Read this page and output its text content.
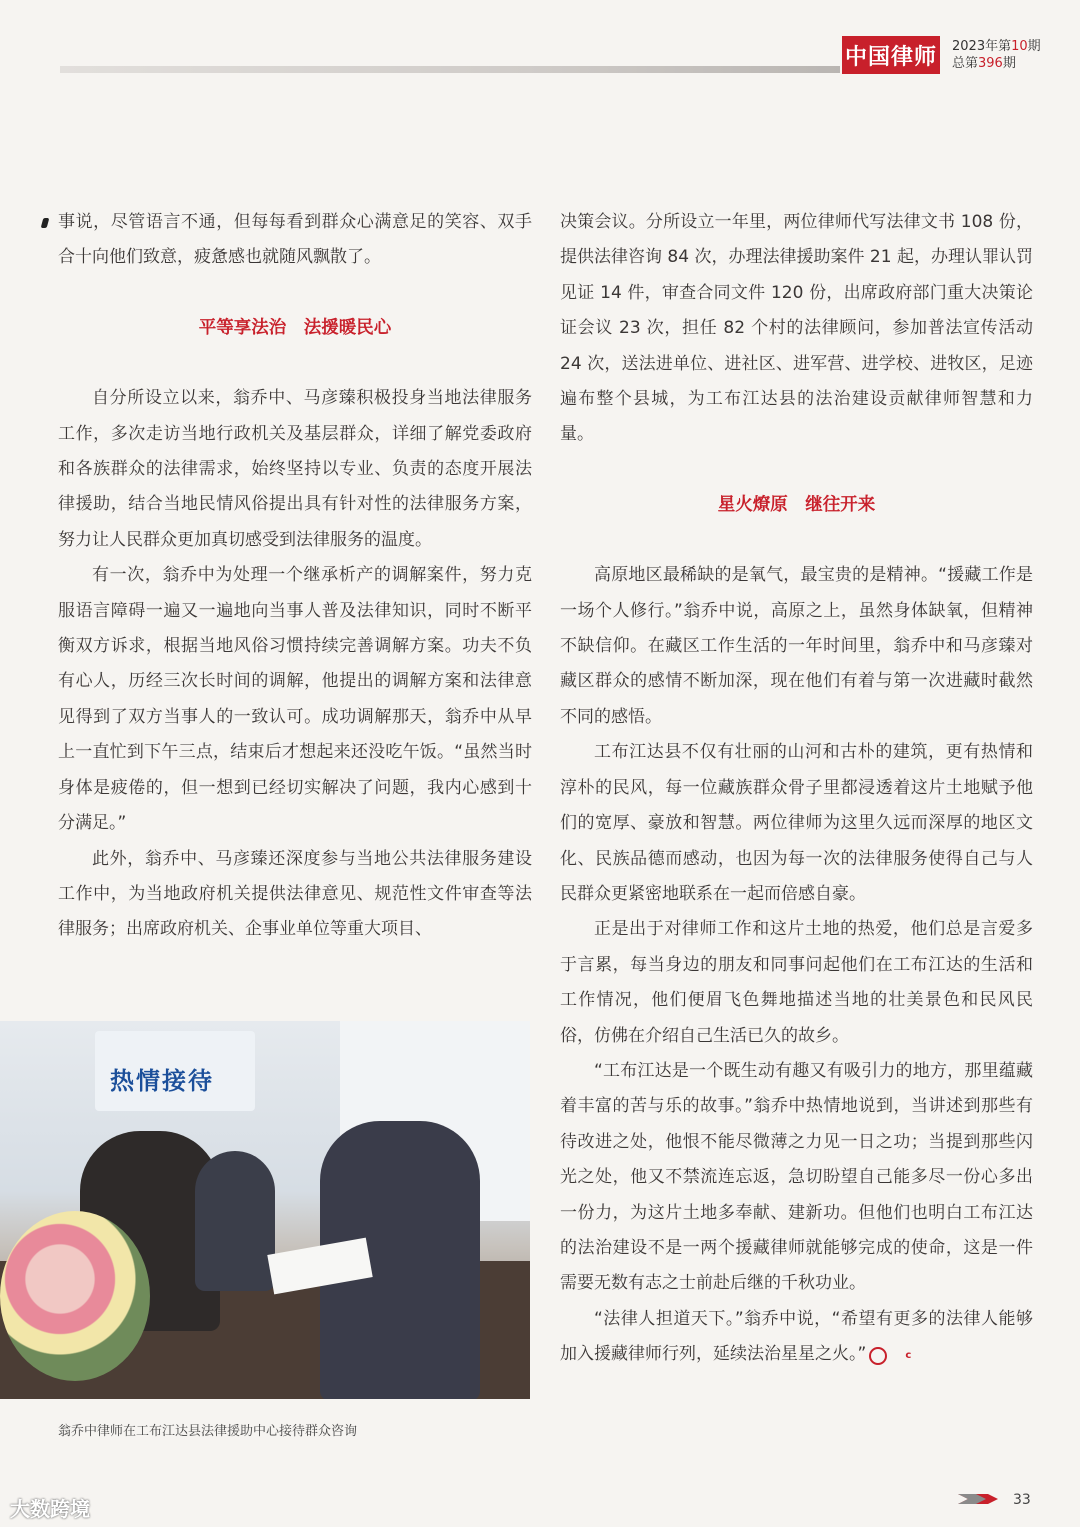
中国律师 2023年第10期
总第396期

事说，尽管语言不通，但每每看到群众心满意足的笑容、双手合十向他们致意，疲惫感也就随风飘散了。

平等享法治　法援暖民心

自分所设立以来，翁乔中、马彦臻积极投身当地法律服务工作，多次走访当地行政机关及基层群众，详细了解党委政府和各族群众的法律需求，始终坚持以专业、负责的态度开展法律援助，结合当地民情风俗提出具有针对性的法律服务方案，努力让人民群众更加真切感受到法律服务的温度。

有一次，翁乔中为处理一个继承析产的调解案件，努力克服语言障碍一遍又一遍地向当事人普及法律知识，同时不断平衡双方诉求，根据当地风俗习惯持续完善调解方案。功夫不负有心人，历经三次长时间的调解，他提出的调解方案和法律意见得到了双方当事人的一致认可。成功调解那天，翁乔中从早上一直忙到下午三点，结束后才想起来还没吃午饭。“虽然当时身体是疲倦的，但一想到已经切实解决了问题，我内心感到十分满足。”

此外，翁乔中、马彦臻还深度参与当地公共法律服务建设工作中，为当地政府机关提供法律意见、规范性文件审查等法律服务；出席政府机关、企事业单位等重大项目、

决策会议。分所设立一年里，两位律师代写法律文书 108 份，提供法律咨询 84 次，办理法律援助案件 21 起，办理认罪认罚见证 14 件，审查合同文件 120 份，出席政府部门重大决策论证会议 23 次，担任 82 个村的法律顾问，参加普法宣传活动 24 次，送法进单位、进社区、进军营、进学校、进牧区，足迹遍布整个县城，为工布江达县的法治建设贡献律师智慧和力量。

星火燎原　继往开来

高原地区最稀缺的是氧气，最宝贵的是精神。“援藏工作是一场个人修行。”翁乔中说，高原之上，虽然身体缺氧，但精神不缺信仰。在藏区工作生活的一年时间里，翁乔中和马彦臻对藏区群众的感情不断加深，现在他们有着与第一次进藏时截然不同的感悟。

工布江达县不仅有壮丽的山河和古朴的建筑，更有热情和淳朴的民风，每一位藏族群众骨子里都浸透着这片土地赋予他们的宽厚、豪放和智慧。两位律师为这里久远而深厚的地区文化、民族品德而感动，也因为每一次的法律服务使得自己与人民群众更紧密地联系在一起而倍感自豪。

正是出于对律师工作和这片土地的热爱，他们总是言爱多于言累，每当身边的朋友和同事问起他们在工布江达的生活和工作情况，他们便眉飞色舞地描述当地的壮美景色和民风民俗，仿佛在介绍自己生活已久的故乡。

“工布江达是一个既生动有趣又有吸引力的地方，那里蕴藏着丰富的苦与乐的故事。”翁乔中热情地说到，当讲述到那些有待改进之处，他恨不能尽微薄之力见一日之功；当提到那些闪光之处，他又不禁流连忘返，急切盼望自己能多尽一份心多出一份力，为这片土地多奉献、建新功。但他们也明白工布江达的法治建设不是一两个援藏律师就能够完成的使命，这是一件需要无数有志之士前赴后继的千秋功业。

“法律人担道天下。”翁乔中说，“希望有更多的法律人能够加入援藏律师行列，延续法治星星之火。”	c

热情接待
翁乔中律师在工布江达县法律援助中心接待群众咨询
大数跨境	33
